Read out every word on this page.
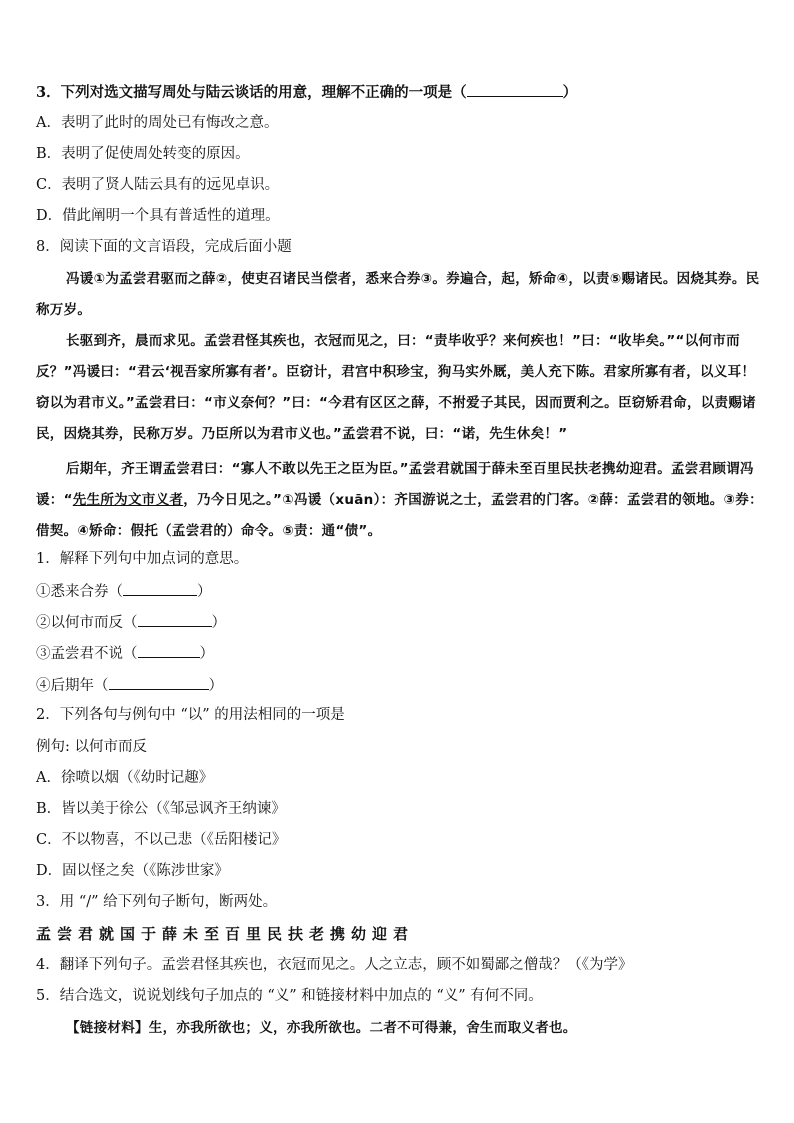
3．下列对选文描写周处与陆云谈话的用意，理解不正确的一项是（	）
A．表明了此时的周处已有悔改之意。
B．表明了促使周处转变的原因。
C．表明了贤人陆云具有的远见卓识。
D．借此阐明一个具有普适性的道理。
8．阅读下面的文言语段，完成后面小题
冯谖①为孟尝君驱而之薛②，使吏召诸民当偿者，悉来合券③。券遍合，起，矫命④，以责⑤赐诸民。因烧其券。民称万岁。
长驱到齐，晨而求见。孟尝君怪其疾也，衣冠而见之，曰：“责毕收乎？来何疾也！”曰：“收毕矣。”“以何市而反？”冯谖曰：“君云‘视吾家所寡有者’。臣窃计，君宫中积珍宝，狗马实外厩，美人充下陈。君家所寡有者，以义耳！窃以为君市义。”孟尝君曰：“市义奈何？”曰：“今君有区区之薛，不拊爱子其民，因而贾利之。臣窃矫君命，以责赐诸民，因烧其券，民称万岁。乃臣所以为君市义也。”孟尝君不说，曰：“诺，先生休矣！”
后期年，齐王谓孟尝君曰：“寡人不敢以先王之臣为臣。”孟尝君就国于薛未至百里民扶老携幼迎君。孟尝君顾谓冯谖：“先生所为文市义者，乃今日见之。”①冯谖（xuān）：齐国游说之士，孟尝君的门客。②薛：孟尝君的领地。③券：借契。④矫命：假托（孟尝君的）命令。⑤责：通“债”。
1．解释下列句中加点词的意思。
①悉来合券（	）
②以何市而反（	）
③孟尝君不说（	）
④后期年（	）
2．下列各句与例句中 “以” 的用法相同的一项是
例句: 以何市而反
A．徐喷以烟（《幼时记趣》
B．皆以美于徐公（《邹忌讽齐王纳谏》
C．不以物喜，不以己悲（《岳阳楼记》
D．固以怪之矣（《陈涉世家》
3．用 “/” 给下列句子断句，断两处。
孟尝君就国于薛未至百里民扶老携幼迎君
4．翻译下列句子。孟尝君怪其疾也，衣冠而见之。人之立志，顾不如蜀鄙之僧哉？（《为学》
5．结合选文，说说划线句子加点的 “义” 和链接材料中加点的 “义” 有何不同。
【链接材料】生，亦我所欲也；义，亦我所欲也。二者不可得兼，舍生而取义者也。
